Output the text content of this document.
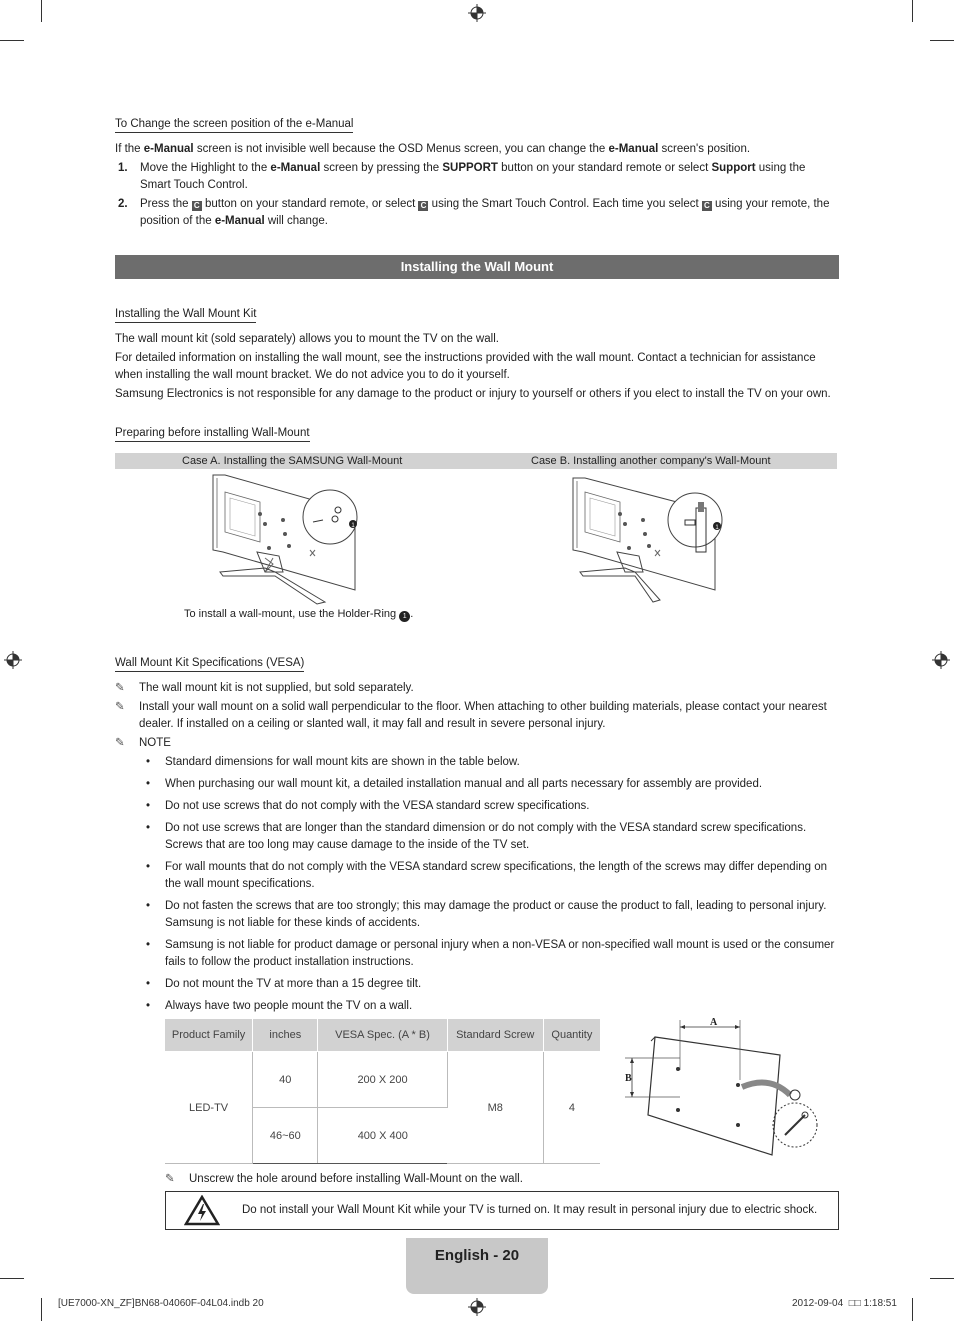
To Change the screen position of the e-Manual
If the e-Manual screen is not invisible well because the OSD Menus screen, you can change the e-Manual screen's position.
1. Move the Highlight to the e-Manual screen by pressing the SUPPORT button on your standard remote or select Support using the Smart Touch Control.
2. Press the C button on your standard remote, or select C using the Smart Touch Control. Each time you select C using your remote, the position of the e-Manual will change.
Installing the Wall Mount
Installing the Wall Mount Kit
The wall mount kit (sold separately) allows you to mount the TV on the wall.
For detailed information on installing the wall mount, see the instructions provided with the wall mount. Contact a technician for assistance when installing the wall mount bracket. We do not advice you to do it yourself.
Samsung Electronics is not responsible for any damage to the product or injury to yourself or others if you elect to install the TV on your own.
Preparing before installing Wall-Mount
Case A. Installing the SAMSUNG Wall-Mount	Case B. Installing another company's Wall-Mount
1	1
To install a wall-mount, use the Holder-Ring 1 .
Wall Mount Kit Specifications (VESA)
✎ The wall mount kit is not supplied, but sold separately.
✎ Install your wall mount on a solid wall perpendicular to the floor. When attaching to other building materials, please contact your nearest dealer. If installed on a ceiling or slanted wall, it may fall and result in severe personal injury.
✎ NOTE
• Standard dimensions for wall mount kits are shown in the table below.
• When purchasing our wall mount kit, a detailed installation manual and all parts necessary for assembly are provided.
• Do not use screws that do not comply with the VESA standard screw specifications.
• Do not use screws that are longer than the standard dimension or do not comply with the VESA standard screw specifications. Screws that are too long may cause damage to the inside of the TV set.
• For wall mounts that do not comply with the VESA standard screw specifications, the length of the screws may differ depending on the wall mount specifications.
• Do not fasten the screws that are too strongly; this may damage the product or cause the product to fall, leading to personal injury. Samsung is not liable for these kinds of accidents.
• Samsung is not liable for product damage or personal injury when a non-VESA or non-specified wall mount is used or the consumer fails to follow the product installation instructions.
• Do not mount the TV at more than a 15 degree tilt.
• Always have two people mount the TV on a wall.
Product Family	inches	VESA Spec. (A * B)	Standard Screw	Quantity
LED-TV	40	200 X 200	M8	4
	46~60	400 X 400		
A
B
✎ Unscrew the hole around before installing Wall-Mount on the wall.
Do not install your Wall Mount Kit while your TV is turned on. It may result in personal injury due to electric shock.
English - 20
[UE7000-XN_ZF]BN68-04060F-04L04.indb 20	2012-09-04  □□ 1:18:51
